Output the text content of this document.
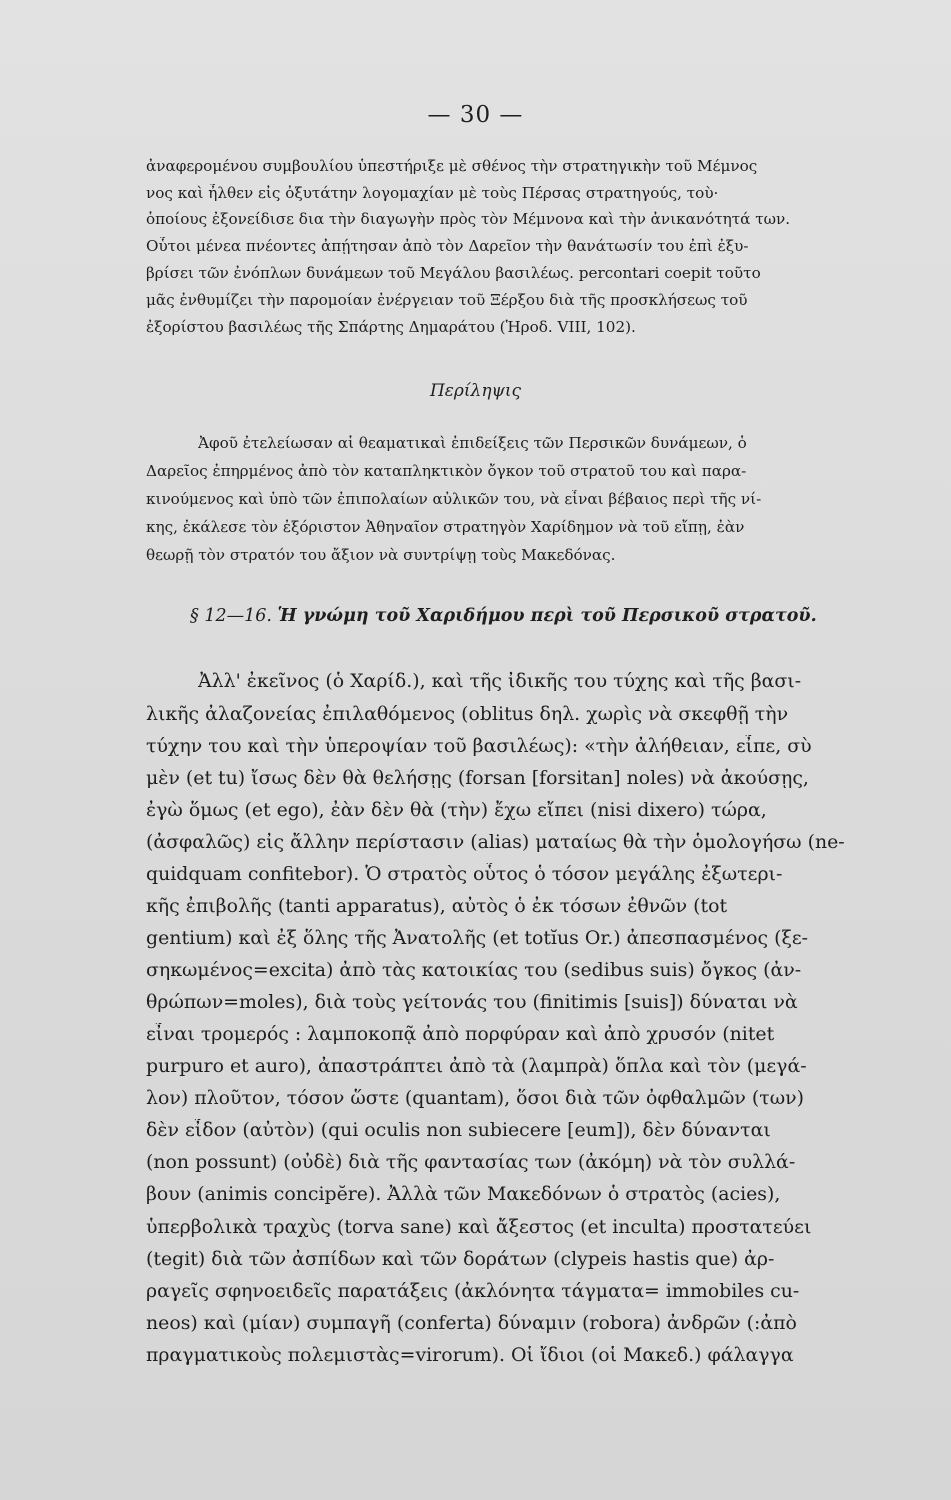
— 30 —
ἀναφερομένου συμβουλίου ὑπεστήριξε μὲ σθένος τὴν στρατηγικὴν τοῦ Μέμνος
νος καὶ ἦλθεν εἰς ὀξυτάτην λογομαχίαν μὲ τοὺς Πέρσας στρατηγούς, τοὺ·
ὁποίους ἐξονείδισε δια τὴν διαγωγὴν πρὸς τὸν Μέμνονα καὶ τὴν ἀνικανότητά των.
Οὗτοι μένεα πνέοντες ἀπῄτησαν ἀπὸ τὸν Δαρεῖον τὴν θανάτωσίν του ἐπὶ ἐξυ-
βρίσει τῶν ἐνόπλων δυνάμεων τοῦ Μεγάλου βασιλέως. percontari coepit τοῦτο
μᾶς ἐνθυμίζει τὴν παρομοίαν ἐνέργειαν τοῦ Ξέρξου διὰ τῆς προσκλήσεως τοῦ
ἐξορίστου βασιλέως τῆς Σπάρτης Δημαράτου (Ἡροδ. VIII, 102).
Περίληψις
Ἀφοῦ ἐτελείωσαν αἱ θεαματικαὶ ἐπιδείξεις τῶν Περσικῶν δυνάμεων, ὁ
Δαρεῖος ἐπηρμένος ἀπὸ τὸν καταπληκτικὸν ὄγκον τοῦ στρατοῦ του καὶ παρα-
κινούμενος καὶ ὑπὸ τῶν ἐπιπολαίων αὐλικῶν του, νὰ εἶναι βέβαιος περὶ τῆς νί-
κης, ἐκάλεσε τὸν ἐξόριστον Ἀθηναῖον στρατηγὸν Χαρίδημον νὰ τοῦ εἴπῃ, ἐὰν
θεωρῇ τὸν στρατόν του ἄξιον νὰ συντρίψῃ τοὺς Μακεδόνας.
§ 12—16. Ἡ γνώμη τοῦ Χαριδήμου περὶ τοῦ Περσικοῦ στρατοῦ.
Ἀλλ' ἐκεῖνος (ὁ Χαρίδ.), καὶ τῆς ἰδικῆς του τύχης καὶ τῆς βασι-
λικῆς ἀλαζονείας ἐπιλαθόμενος (oblitus δηλ. χωρὶς νὰ σκεφθῇ τὴν
τύχην του καὶ τὴν ὑπεροψίαν τοῦ βασιλέως): «τὴν ἀλήθειαν, εἶπε, σὺ
μὲν (et tu) ἴσως δὲν θὰ θελήσῃς (forsan [forsitan] noles) νὰ ἀκούσῃς,
ἐγὼ ὅμως (et ego), ἐὰν δὲν θὰ (τὴν) ἔχω εἴπει (nisi dixero) τώρα,
(ἀσφαλῶς) εἰς ἄλλην περίστασιν (alias) ματαίως θὰ τὴν ὁμολογήσω (ne-
quidquam confitebor). Ὁ στρατὸς οὗτος ὁ τόσον μεγάλης ἐξωτερι-
κῆς ἐπιβολῆς (tanti apparatus), αὐτὸς ὁ ἐκ τόσων ἐθνῶν (tot
gentium) καὶ ἐξ ὅλης τῆς Ἀνατολῆς (et totĭus Or.) ἀπεσπασμένος (ξε-
σηκωμένος=excita) ἀπὸ τὰς κατοικίας του (sedibus suis) ὄγκος (ἀν-
θρώπων=moles), διὰ τοὺς γείτονάς του (finitimis [suis]) δύναται νὰ
εἶναι τρομερός : λαμποκοπᾷ ἀπὸ πορφύραν καὶ ἀπὸ χρυσόν (nitet
purpuro et auro), ἀπαστράπτει ἀπὸ τὰ (λαμπρὰ) ὅπλα καὶ τὸν (μεγά-
λον) πλοῦτον, τόσον ὥστε (quantam), ὅσοι διὰ τῶν ὀφθαλμῶν (των)
δὲν εἶδον (αὐτὸν) (qui oculis non subiecere [eum]), δὲν δύνανται
(non possunt) (οὐδὲ) διὰ τῆς φαντασίας των (ἀκόμη) νὰ τὸν συλλά-
βουν (animis concipĕre). Ἀλλὰ τῶν Μακεδόνων ὁ στρατὸς (acies),
ὑπερβολικὰ τραχὺς (torva sane) καὶ ἄξεστος (et inculta) προστατεύει
(tegit) διὰ τῶν ἀσπίδων καὶ τῶν δοράτων (clypeis hastis que) ἀρ-
ραγεῖς σφηνοειδεῖς παρατάξεις (ἀκλόνητα τάγματα= immobiles cu-
neos) καὶ (μίαν) συμπαγῆ (conferta) δύναμιν (robora) ἀνδρῶν (:ἀπὸ
πραγματικοὺς πολεμιστὰς=virorum). Οἱ ἴδιοι (οἱ Μακεδ.) φάλαγγα
